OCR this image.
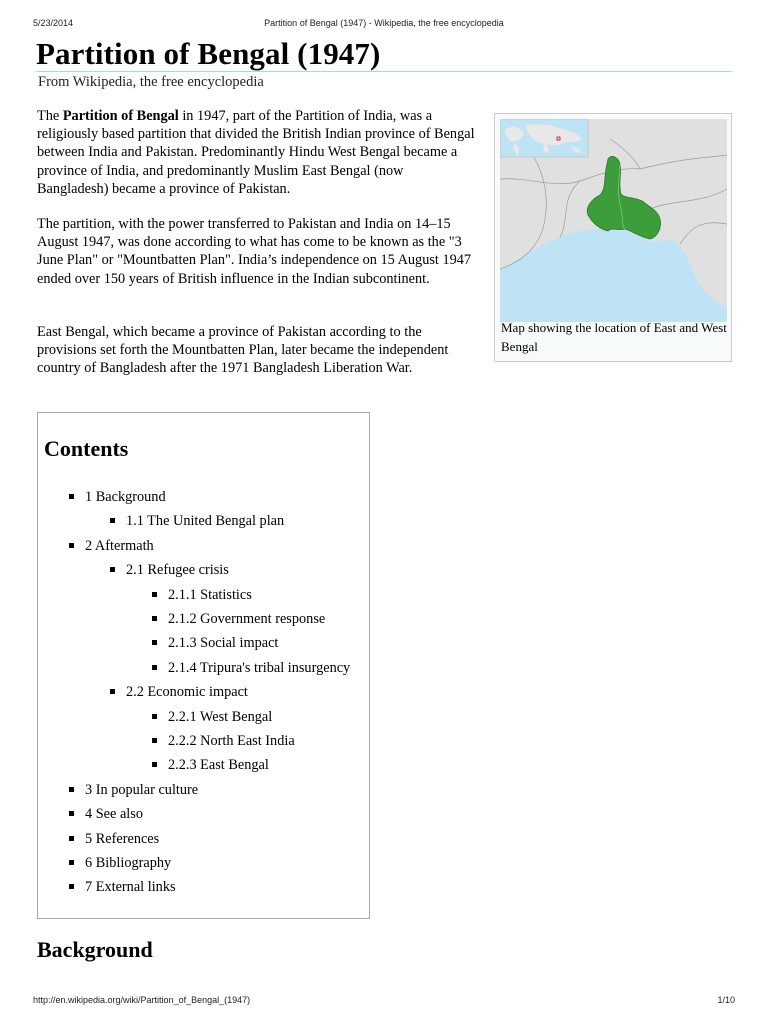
5/23/2014	Partition of Bengal (1947) - Wikipedia, the free encyclopedia
Partition of Bengal (1947)
From Wikipedia, the free encyclopedia

The Partition of Bengal in 1947, part of the Partition of India, was a religiously based partition that divided the British Indian province of Bengal between India and Pakistan. Predominantly Hindu West Bengal became a province of India, and predominantly Muslim East Bengal (now Bangladesh) became a province of Pakistan.

The partition, with the power transferred to Pakistan and India on 14–15 August 1947, was done according to what has come to be known as the "3 June Plan" or "Mountbatten Plan". India’s independence on 15 August 1947 ended over 150 years of British influence in the Indian subcontinent.

East Bengal, which became a province of Pakistan according to the provisions set forth the Mountbatten Plan, later became the independent country of Bangladesh after the 1971 Bangladesh Liberation War.

Map showing the location of East and West Bengal
Contents
1 Background
1.1 The United Bengal plan
2 Aftermath
2.1 Refugee crisis
2.1.1 Statistics
2.1.2 Government response
2.1.3 Social impact
2.1.4 Tripura's tribal insurgency
2.2 Economic impact
2.2.1 West Bengal
2.2.2 North East India
2.2.3 East Bengal
3 In popular culture
4 See also
5 References
6 Bibliography
7 External links
Background
http://en.wikipedia.org/wiki/Partition_of_Bengal_(1947)	1/10
